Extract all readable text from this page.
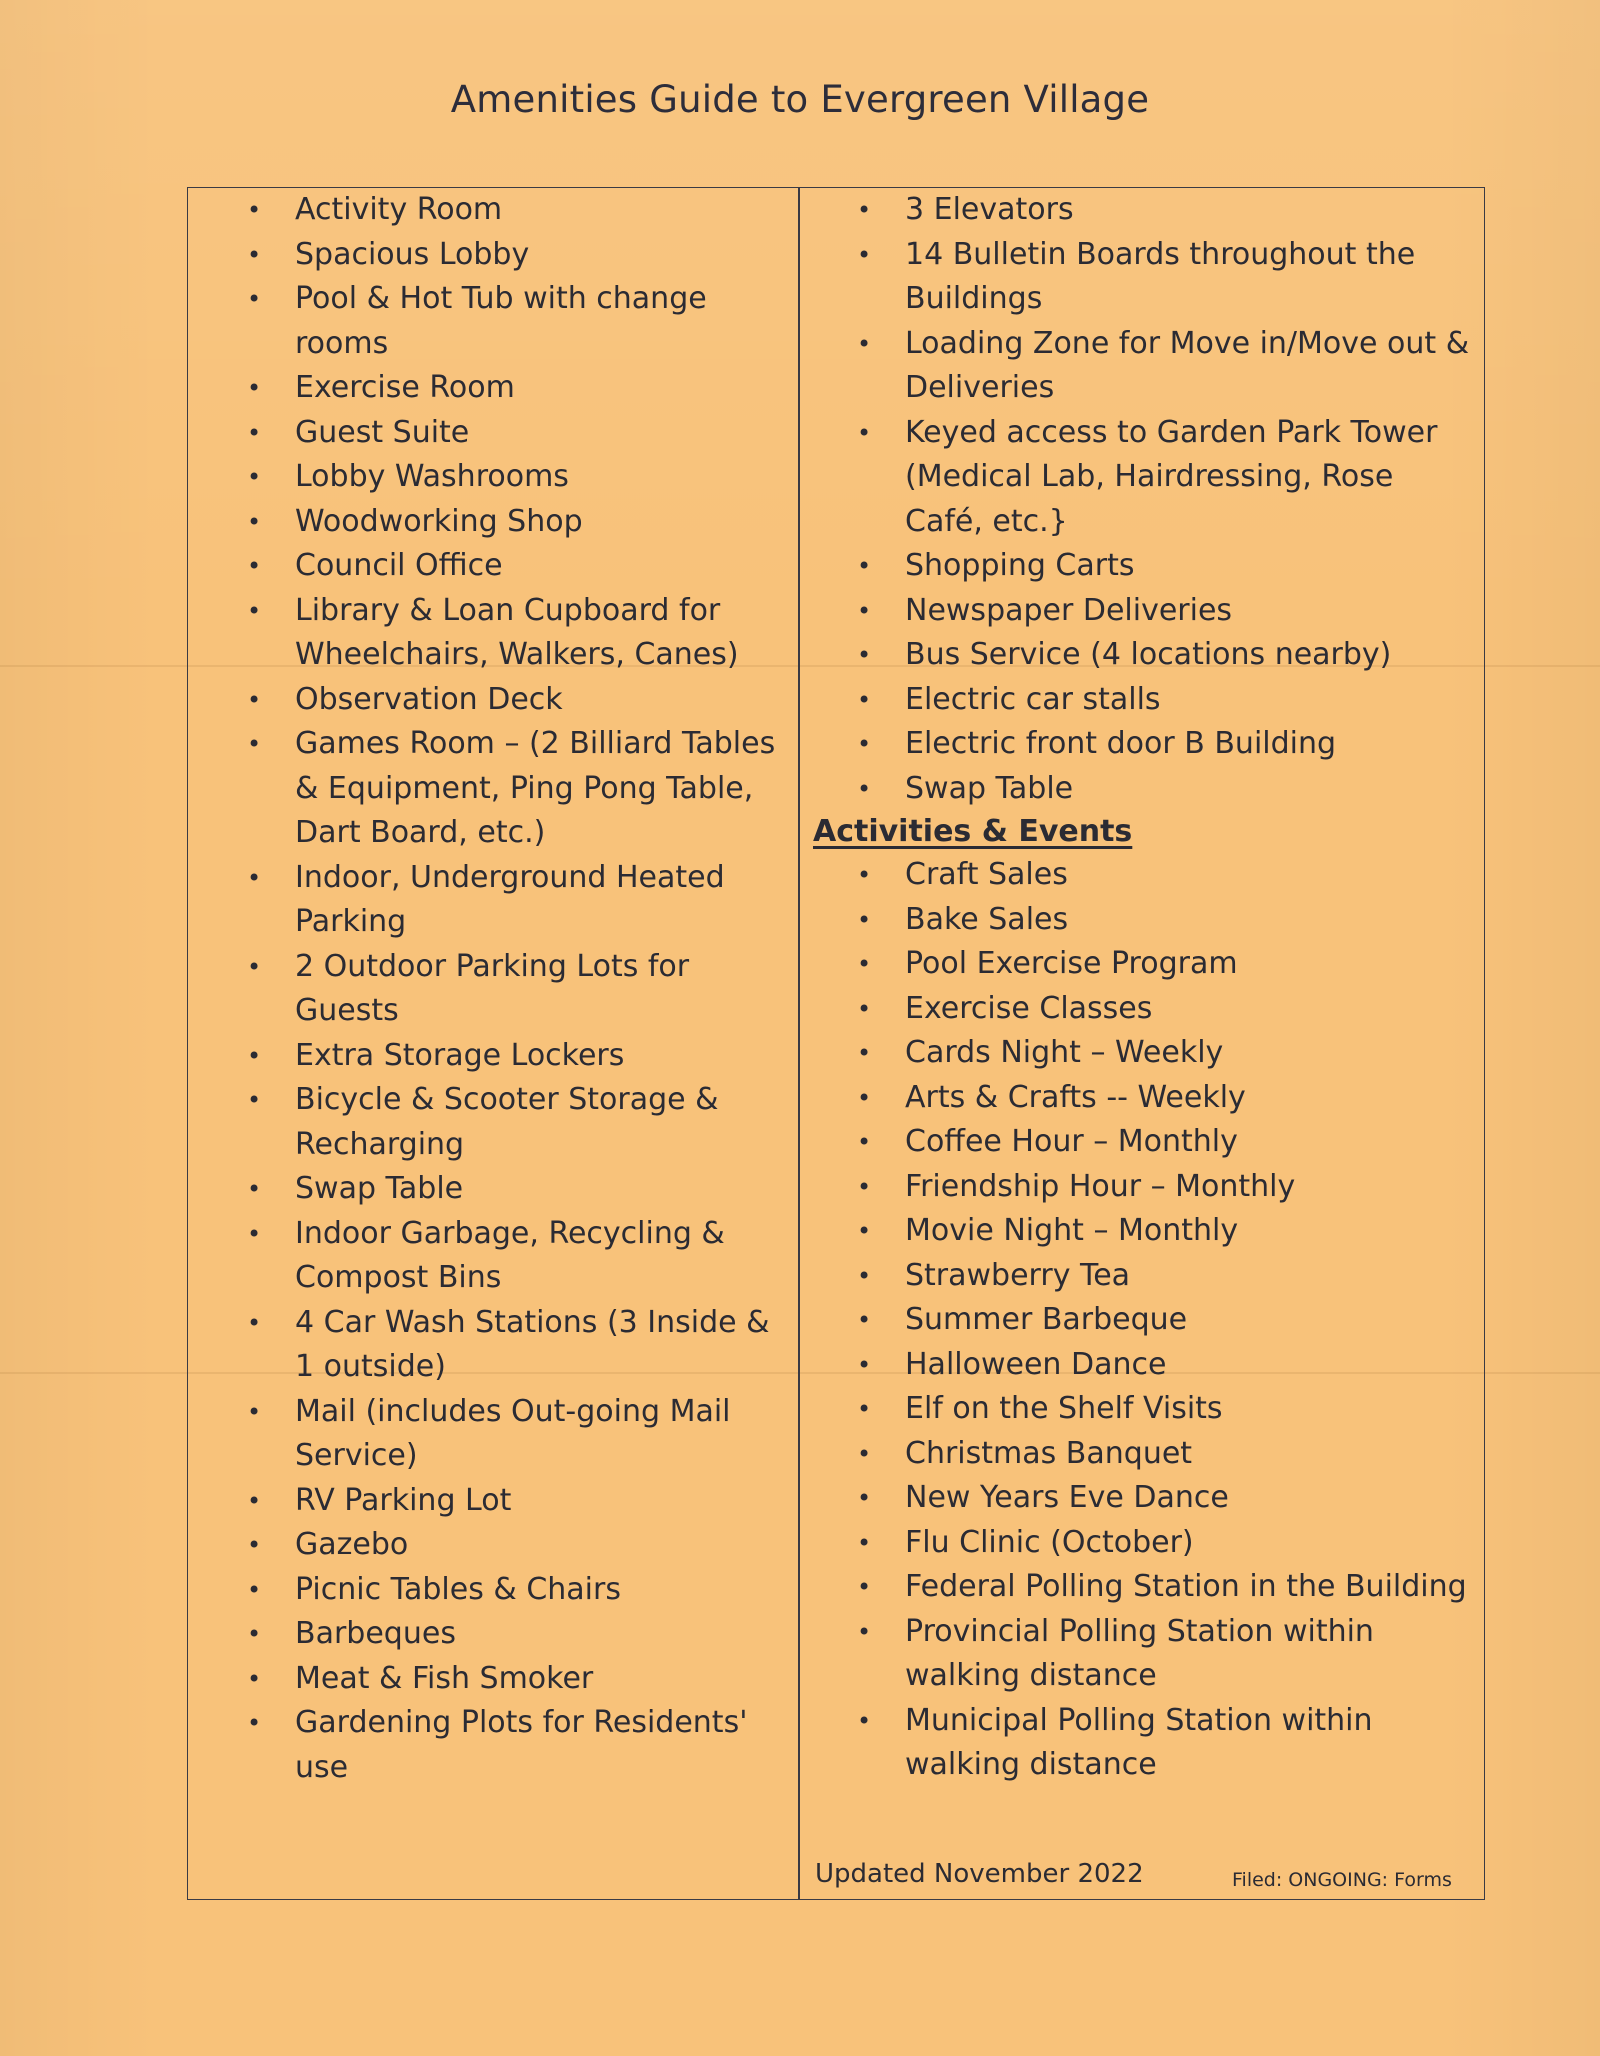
Amenities Guide to Evergreen Village
• Activity Room
• Spacious Lobby
• Pool & Hot Tub with change rooms
• Exercise Room
• Guest Suite
• Lobby Washrooms
• Woodworking Shop
• Council Office
• Library & Loan Cupboard for Wheelchairs, Walkers, Canes)
• Observation Deck
• Games Room – (2 Billiard Tables & Equipment, Ping Pong Table, Dart Board, etc.)
• Indoor, Underground Heated Parking
• 2 Outdoor Parking Lots for Guests
• Extra Storage Lockers
• Bicycle & Scooter Storage & Recharging
• Swap Table
• Indoor Garbage, Recycling & Compost Bins
• 4 Car Wash Stations (3 Inside & 1 outside)
• Mail (includes Out-going Mail Service)
• RV Parking Lot
• Gazebo
• Picnic Tables & Chairs
• Barbeques
• Meat & Fish Smoker
• Gardening Plots for Residents' use
• 3 Elevators
• 14 Bulletin Boards throughout the Buildings
• Loading Zone for Move in/Move out & Deliveries
• Keyed access to Garden Park Tower (Medical Lab, Hairdressing, Rose Café, etc.}
• Shopping Carts
• Newspaper Deliveries
• Bus Service (4 locations nearby)
• Electric car stalls
• Electric front door B Building
• Swap Table
Activities & Events
• Craft Sales
• Bake Sales
• Pool Exercise Program
• Exercise Classes
• Cards Night – Weekly
• Arts & Crafts -- Weekly
• Coffee Hour – Monthly
• Friendship Hour – Monthly
• Movie Night – Monthly
• Strawberry Tea
• Summer Barbeque
• Halloween Dance
• Elf on the Shelf Visits
• Christmas Banquet
• New Years Eve Dance
• Flu Clinic (October)
• Federal Polling Station in the Building
• Provincial Polling Station within walking distance
• Municipal Polling Station within walking distance
Updated November 2022	Filed: ONGOING: Forms
